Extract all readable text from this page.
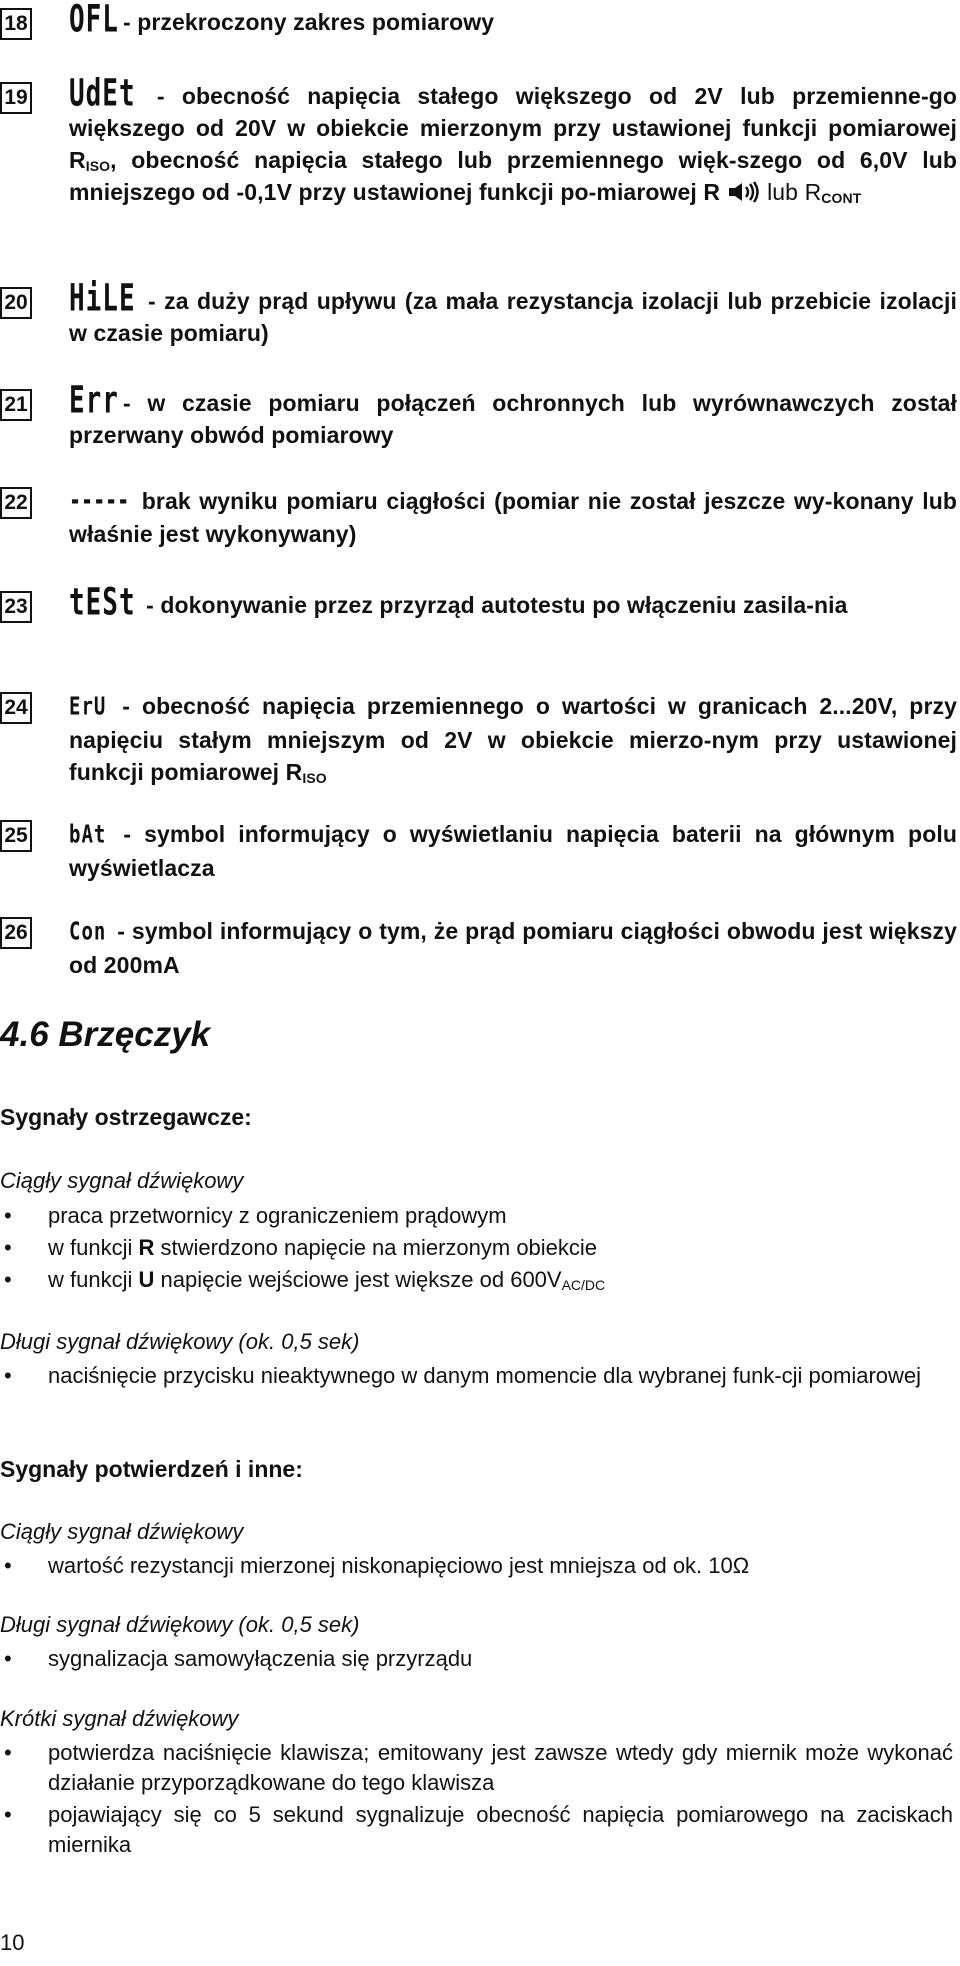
18 OFL - przekroczony zakres pomiarowy
19 UdEt - obecność napięcia stałego większego od 2V lub przemienne-go większego od 20V w obiekcie mierzonym przy ustawionej funkcji pomiarowej $R_{ISO}$, obecność napięcia stałego lub przemiennego więk-szego od 6,0V lub mniejszego od -0,1V przy ustawionej funkcji po-miarowej R  lub $R_{CONT}$
20 HiLE - za duży prąd upływu (za mała rezystancja izolacji lub przebicie izolacji w czasie pomiaru)
21 Err - w czasie pomiaru połączeń ochronnych lub wyrównawczych został przerwany obwód pomiarowy
22 ----- brak wyniku pomiaru ciągłości (pomiar nie został jeszcze wy-konany lub właśnie jest wykonywany)
23 tESt - dokonywanie przez przyrząd autotestu po włączeniu zasila-nia
24 ErU - obecność napięcia przemiennego o wartości w granicach 2...20V, przy napięciu stałym mniejszym od 2V w obiekcie mierzo-nym przy ustawionej funkcji pomiarowej $R_{ISO}$
25 bAt - symbol informujący o wyświetlaniu napięcia baterii na głównym polu wyświetlacza
26 Con - symbol informujący o tym, że prąd pomiaru ciągłości obwodu jest większy od 200mA
4.6 Brzęczyk
Sygnały ostrzegawcze:
Ciągły sygnał dźwiękowy
• praca przetwornicy z ograniczeniem prądowym
• w funkcji R stwierdzono napięcie na mierzonym obiekcie
• w funkcji U napięcie wejściowe jest większe od $600V_{AC/DC}$
Długi sygnał dźwiękowy (ok. 0,5 sek)
• naciśnięcie przycisku nieaktywnego w danym momencie dla wybranej funk-cji pomiarowej
Sygnały potwierdzeń i inne:
Ciągły sygnał dźwiękowy
• wartość rezystancji mierzonej niskonapięciowo jest mniejsza od ok. 10Ω
Długi sygnał dźwiękowy (ok. 0,5 sek)
• sygnalizacja samowyłączenia się przyrządu
Krótki sygnał dźwiękowy
• potwierdza naciśnięcie klawisza; emitowany jest zawsze wtedy gdy miernik może wykonać działanie przyporządkowane do tego klawisza
• pojawiający się co 5 sekund sygnalizuje obecność napięcia pomiarowego na zaciskach miernika
10
